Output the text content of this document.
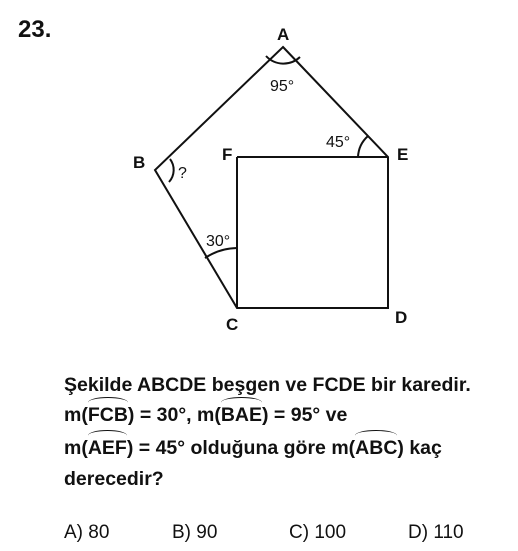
23.	A
B
C	D
E
F
95°
45°
30°
?
Şekilde ABCDE beşgen ve FCDE bir karedir.
m(FCB) = 30°, m(BAE) = 95° ve
m(AEF) = 45° olduğuna göre m(ABC) kaç
derecedir?
A) 80	B) 90	C) 100	D) 110
